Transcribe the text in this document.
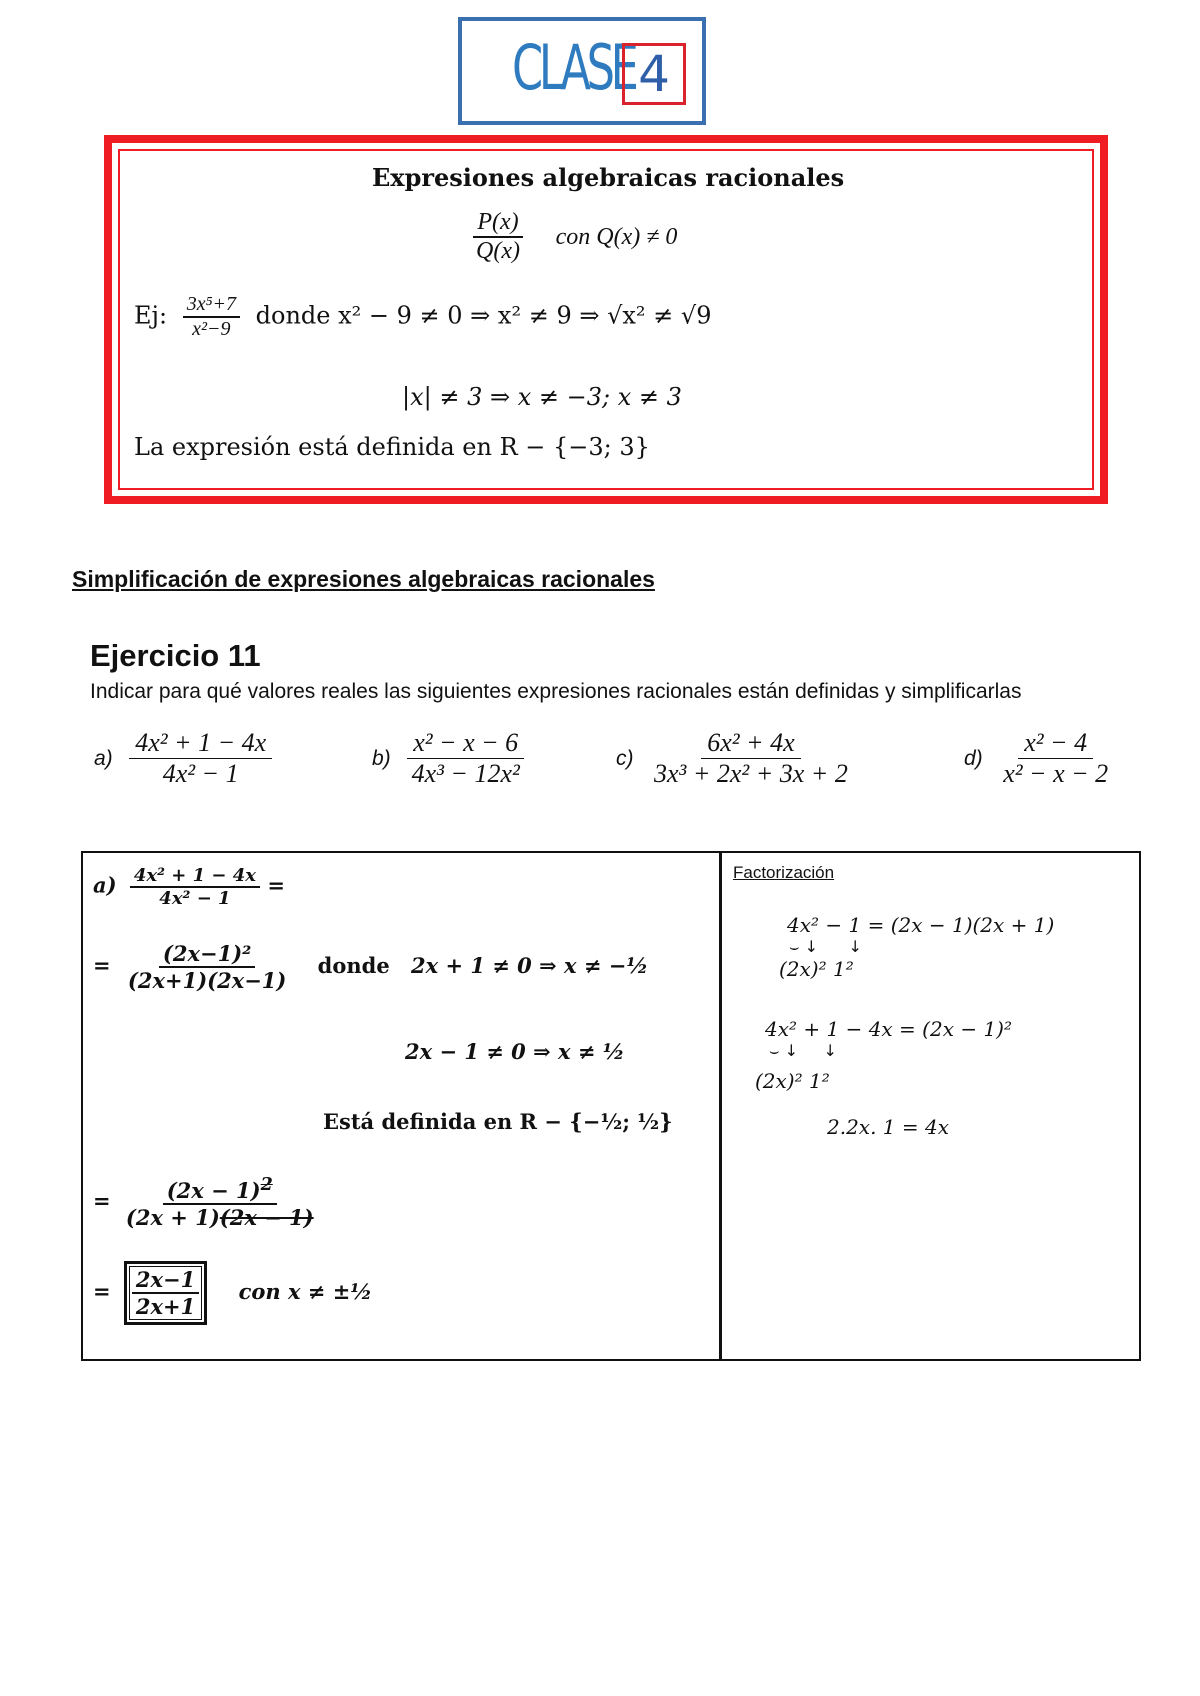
CLASE 4
Expresiones algebraicas racionales
$\frac{P(x)}{Q(x)}$ con Q(x) ≠ 0
Ej: $\frac{\text{3x⁵+7}}{\text{x²−9}}$ donde x² − 9 ≠ 0 ⇒ x² ≠ 9 ⇒ √x² ≠ √9
|x| ≠ 3 ⇒ x ≠ −3; x ≠ 3
La expresión está definida en R − {−3; 3}
Simplificación de expresiones algebraicas racionales
Ejercicio 11
Indicar para qué valores reales las siguientes expresiones racionales están definidas y simplificarlas
$a) \frac{\text{4x² + 1 − 4x}}{\text{4x² − 1}}$	$b) \frac{\text{x² − x − 6}}{\text{4x³ − 12x²}}$	$c) \frac{\text{6x² + 4x}}{\text{3x³ + 2x² + 3x + 2}}$	$d) \frac{\text{x² − 4}}{\text{x² − x − 2}}$
$a) \frac{\text{4x² + 1 − 4x}}{\text{4x² − 1}}$ =
= $\frac{\text{(2x−1)²}}{(2x+1)(2x-1)}$ donde 2x + 1 ≠ 0 ⇒ x ≠ −½
2x − 1 ≠ 0 ⇒ x ≠ ½
Está definida en R − {−½; ½}
= $\frac{(2x - 1)^2}{(2x + 1)(2x - 1)}$
= $\frac{2x-1}{2x+1}$ con x ≠ ±½
Factorización
4x² − 1 = (2x − 1)(2x + 1)
⌣ ↓      ↓
(2x)² 1²
4x² + 1 − 4x = (2x − 1)²
⌣ ↓     ↓
(2x)² 1²
2.2x. 1 = 4x
